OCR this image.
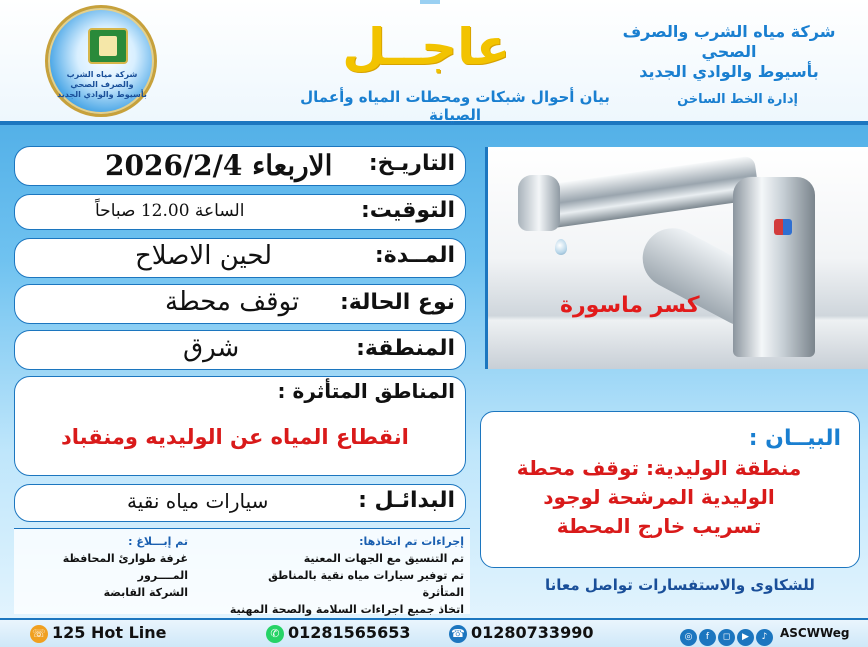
شركة مياه الشرب والصرف الصحي بأسيوط والوادي الجديد
عاجــل
بيان أحوال شبكات ومحطات المياه وأعمال الصيانة
شركة مياه الشرب والصرف الصحي
بأسيوط والوادي الجديد
إدارة الخط الساخن
التاريـخ:
الاربعاء 2026/2/4
التوقيت:
الساعة 12.00 صباحاً
المــدة:
لحين الاصلاح
نوع الحالة:
توقف محطة
المنطقة:
شرق
المناطق المتأثرة :
انقطاع المياه عن الوليديه ومنقباد
البدائـل :
سيارات مياه نقية
كسر ماسورة
البيــان :
منطقة الوليدية: توقف محطة
الوليدية المرشحة لوجود
تسريب خارج المحطة
إجراءات تم اتخاذها:
تم التنسيق مع الجهات المعنية
تم توفير سيارات مياه نقية بالمناطق المتأثرة
اتخاذ جميع اجراءات السلامة والصحة المهنية
تم إبـــلاغ :
غرفة طوارئ المحافظة
المــــرور
الشركة القابضة	للشكاوى والاستفسارات تواصل معانا
☏ 125 Hot Line	✆ 01281565653	☎ 01280733990	◎ f ◻ ▶ ♪	ASCWWeg
